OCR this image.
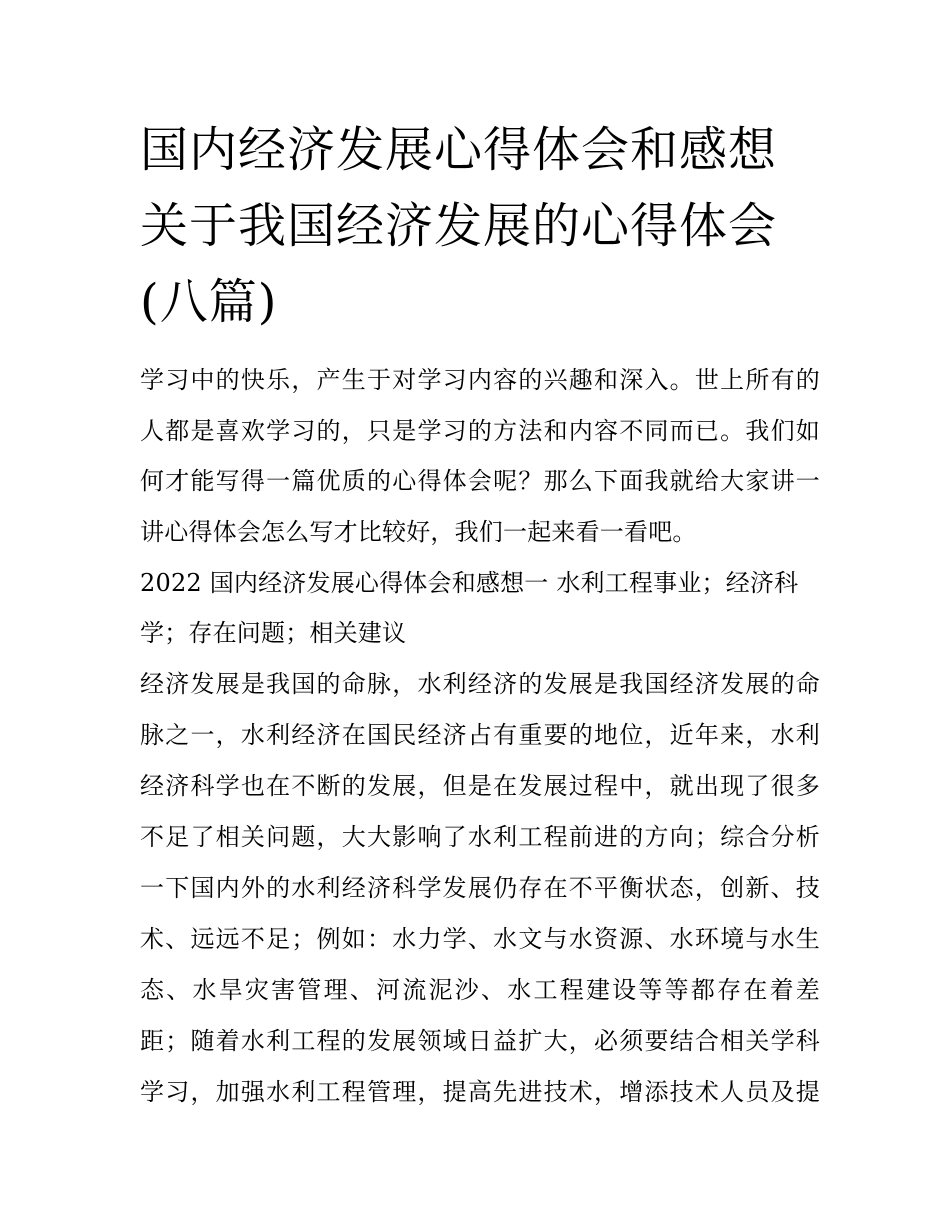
国内经济发展心得体会和感想
关于我国经济发展的心得体会
(八篇)

学习中的快乐，产生于对学习内容的兴趣和深入。世上所有的

人都是喜欢学习的，只是学习的方法和内容不同而已。我们如

何才能写得一篇优质的心得体会呢？那么下面我就给大家讲一

讲心得体会怎么写才比较好，我们一起来看一看吧。

2022 国内经济发展心得体会和感想一 水利工程事业；经济科

学；存在问题；相关建议

经济发展是我国的命脉，水利经济的发展是我国经济发展的命

脉之一，水利经济在国民经济占有重要的地位，近年来，水利

经济科学也在不断的发展，但是在发展过程中，就出现了很多

不足了相关问题，大大影响了水利工程前进的方向；综合分析

一下国内外的水利经济科学发展仍存在不平衡状态，创新、技

术、远远不足；例如：水力学、水文与水资源、水环境与水生

态、水旱灾害管理、河流泥沙、水工程建设等等都存在着差

距；随着水利工程的发展领域日益扩大，必须要结合相关学科

学习，加强水利工程管理，提高先进技术，增添技术人员及提
